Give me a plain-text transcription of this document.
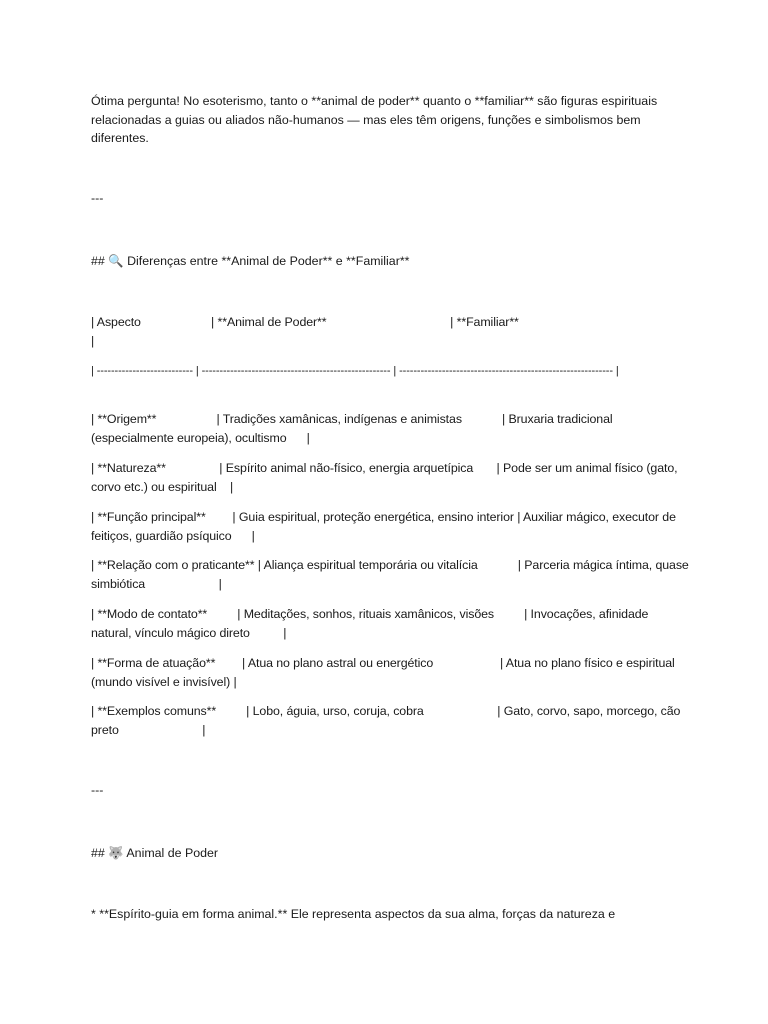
Ótima pergunta! No esoterismo, tanto o **animal de poder** quanto o **familiar** são figuras espirituais relacionadas a guias ou aliados não-humanos — mas eles têm origens, funções e simbolismos bem diferentes.
---
## 🔍 Diferenças entre **Animal de Poder** e **Familiar**
| Aspecto                     | **Animal de Poder**                                     | **Familiar**
|
| --------------------------- | ----------------------------------------------------- | ------------------------------------------------------------ |
| **Origem**                  | Tradições xamânicas, indígenas e animistas            | Bruxaria tradicional (especialmente europeia), ocultismo      |
| **Natureza**                | Espírito animal não-físico, energia arquetípica       | Pode ser um animal físico (gato, corvo etc.) ou espiritual    |
| **Função principal**        | Guia espiritual, proteção energética, ensino interior | Auxiliar mágico, executor de feitiços, guardião psíquico      |
| **Relação com o praticante** | Aliança espiritual temporária ou vitalícia            | Parceria mágica íntima, quase simbiótica                      |
| **Modo de contato**         | Meditações, sonhos, rituais xamânicos, visões         | Invocações, afinidade natural, vínculo mágico direto          |
| **Forma de atuação**        | Atua no plano astral ou energético                    | Atua no plano físico e espiritual (mundo visível e invisível) |
| **Exemplos comuns**         | Lobo, águia, urso, coruja, cobra                      | Gato, corvo, sapo, morcego, cão preto                         |
---
## 🐺 Animal de Poder
* **Espírito-guia em forma animal.** Ele representa aspectos da sua alma, forças da natureza e
